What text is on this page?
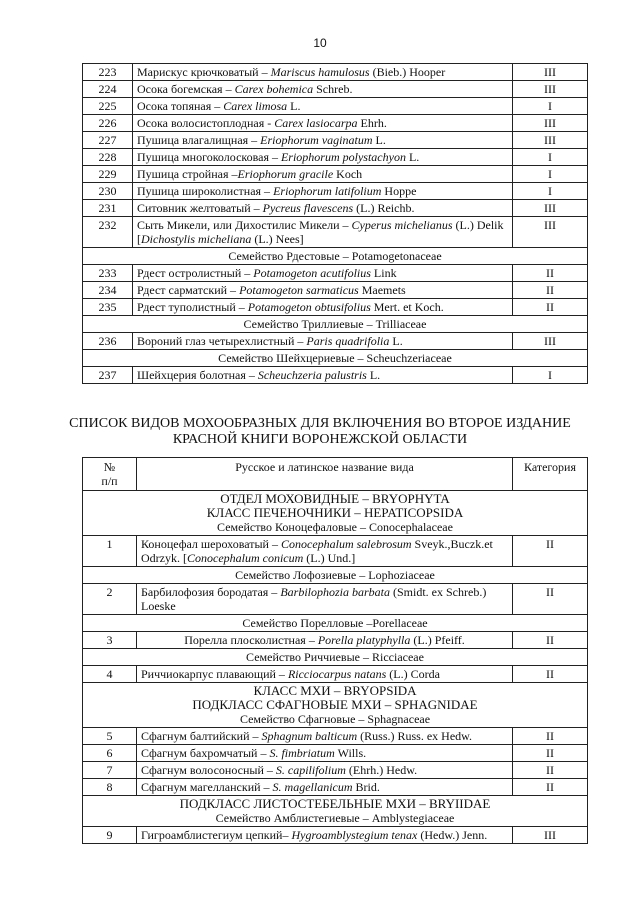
10
223	Марискус крючковатый – Mariscus hamulosus (Bieb.) Hooper	III
224	Осока богемская – Carex bohemica Schreb.	III
225	Осока топяная – Carex limosa L.	I
226	Осока волосистоплодная - Carex lasiocarpa Ehrh.	III
227	Пушица влагалищная – Eriophorum vaginatum L.	III
228	Пушица многоколосковая – Eriophorum polystachyon L.	I
229	Пушица стройная –Eriophorum gracile Koch	I
230	Пушица широколистная – Eriophorum latifolium Hoppe	I
231	Ситовник желтоватый – Pycreus flavescens (L.) Reichb.	III
232	Сыть Микели, или Дихостилис Микели – Cyperus michelianus (L.) Delik [Dichostylis micheliana (L.) Nees]	III
Семейство Рдестовые – Potamogetonaceae		
233	Рдест остролистный – Potamogeton acutifolius Link	II
234	Рдест сарматский – Potamogeton sarmaticus Maemets	II
235	Рдест туполистный – Potamogeton obtusifolius Mert. et Koch.	II
Семейство Триллиевые – Trilliaceae		
236	Вороний глаз четырехлистный – Paris quadrifolia L.	III
Семейство Шейхцериевые – Scheuchzeriaceae		
237	Шейхцерия болотная – Scheuchzeria palustris L.	I
СПИСОК ВИДОВ МОХООБРАЗНЫХ ДЛЯ ВКЛЮЧЕНИЯ ВО ВТОРОЕ ИЗДАНИЕ
КРАСНОЙ КНИГИ ВОРОНЕЖСКОЙ ОБЛАСТИ
№
п/п	Русское и латинское название вида	Категория

ОТДЕЛ МОХОВИДНЫЕ – BRYOPHYTA
КЛАСС ПЕЧЕНОЧНИКИ – HEPATICOPSIDA
Семейство Коноцефаловые – Conocephalaceae		

1	Коноцефал шероховатый – Conocephalum salebrosum Sveyk.,Buczk.et Odrzyk. [Conocephalum conicum (L.) Und.]	II
Семейство Лофозиевые – Lophoziaceae		
2	Барбилофозия бородатая – Barbilophozia barbata (Smidt. ex Schreb.) Loeske	II
Семейство Порелловые –Porellaceae		
3	Порелла плосколистная – Porella platyphylla (L.) Pfeiff.	II
Семейство Риччиевые – Ricciaceae		
4	Риччиокарпус плавающий – Ricciocarpus natans (L.) Corda	II

КЛАСС МХИ – BRYOPSIDA
ПОДКЛАСС СФАГНОВЫЕ МХИ – SPHAGNIDAE
Семейство Сфагновые – Sphagnaceae		

5	Сфагнум балтийский – Sphagnum balticum (Russ.) Russ. ex Hedw.	II
6	Сфагнум бахромчатый – S. fimbriatum Wills.	II
7	Сфагнум волосоносный – S. capilifolium (Ehrh.) Hedw.	II
8	Сфагнум магелланский – S. magellanicum Brid.	II

ПОДКЛАСС ЛИСТОСТЕБЕЛЬНЫЕ МХИ – BRYIIDAE
Семейство Амблистегиевые – Amblystegiaceae		

9	Гигроамблистегиум цепкий– Hygroamblystegium tenax (Hedw.) Jenn.	III
